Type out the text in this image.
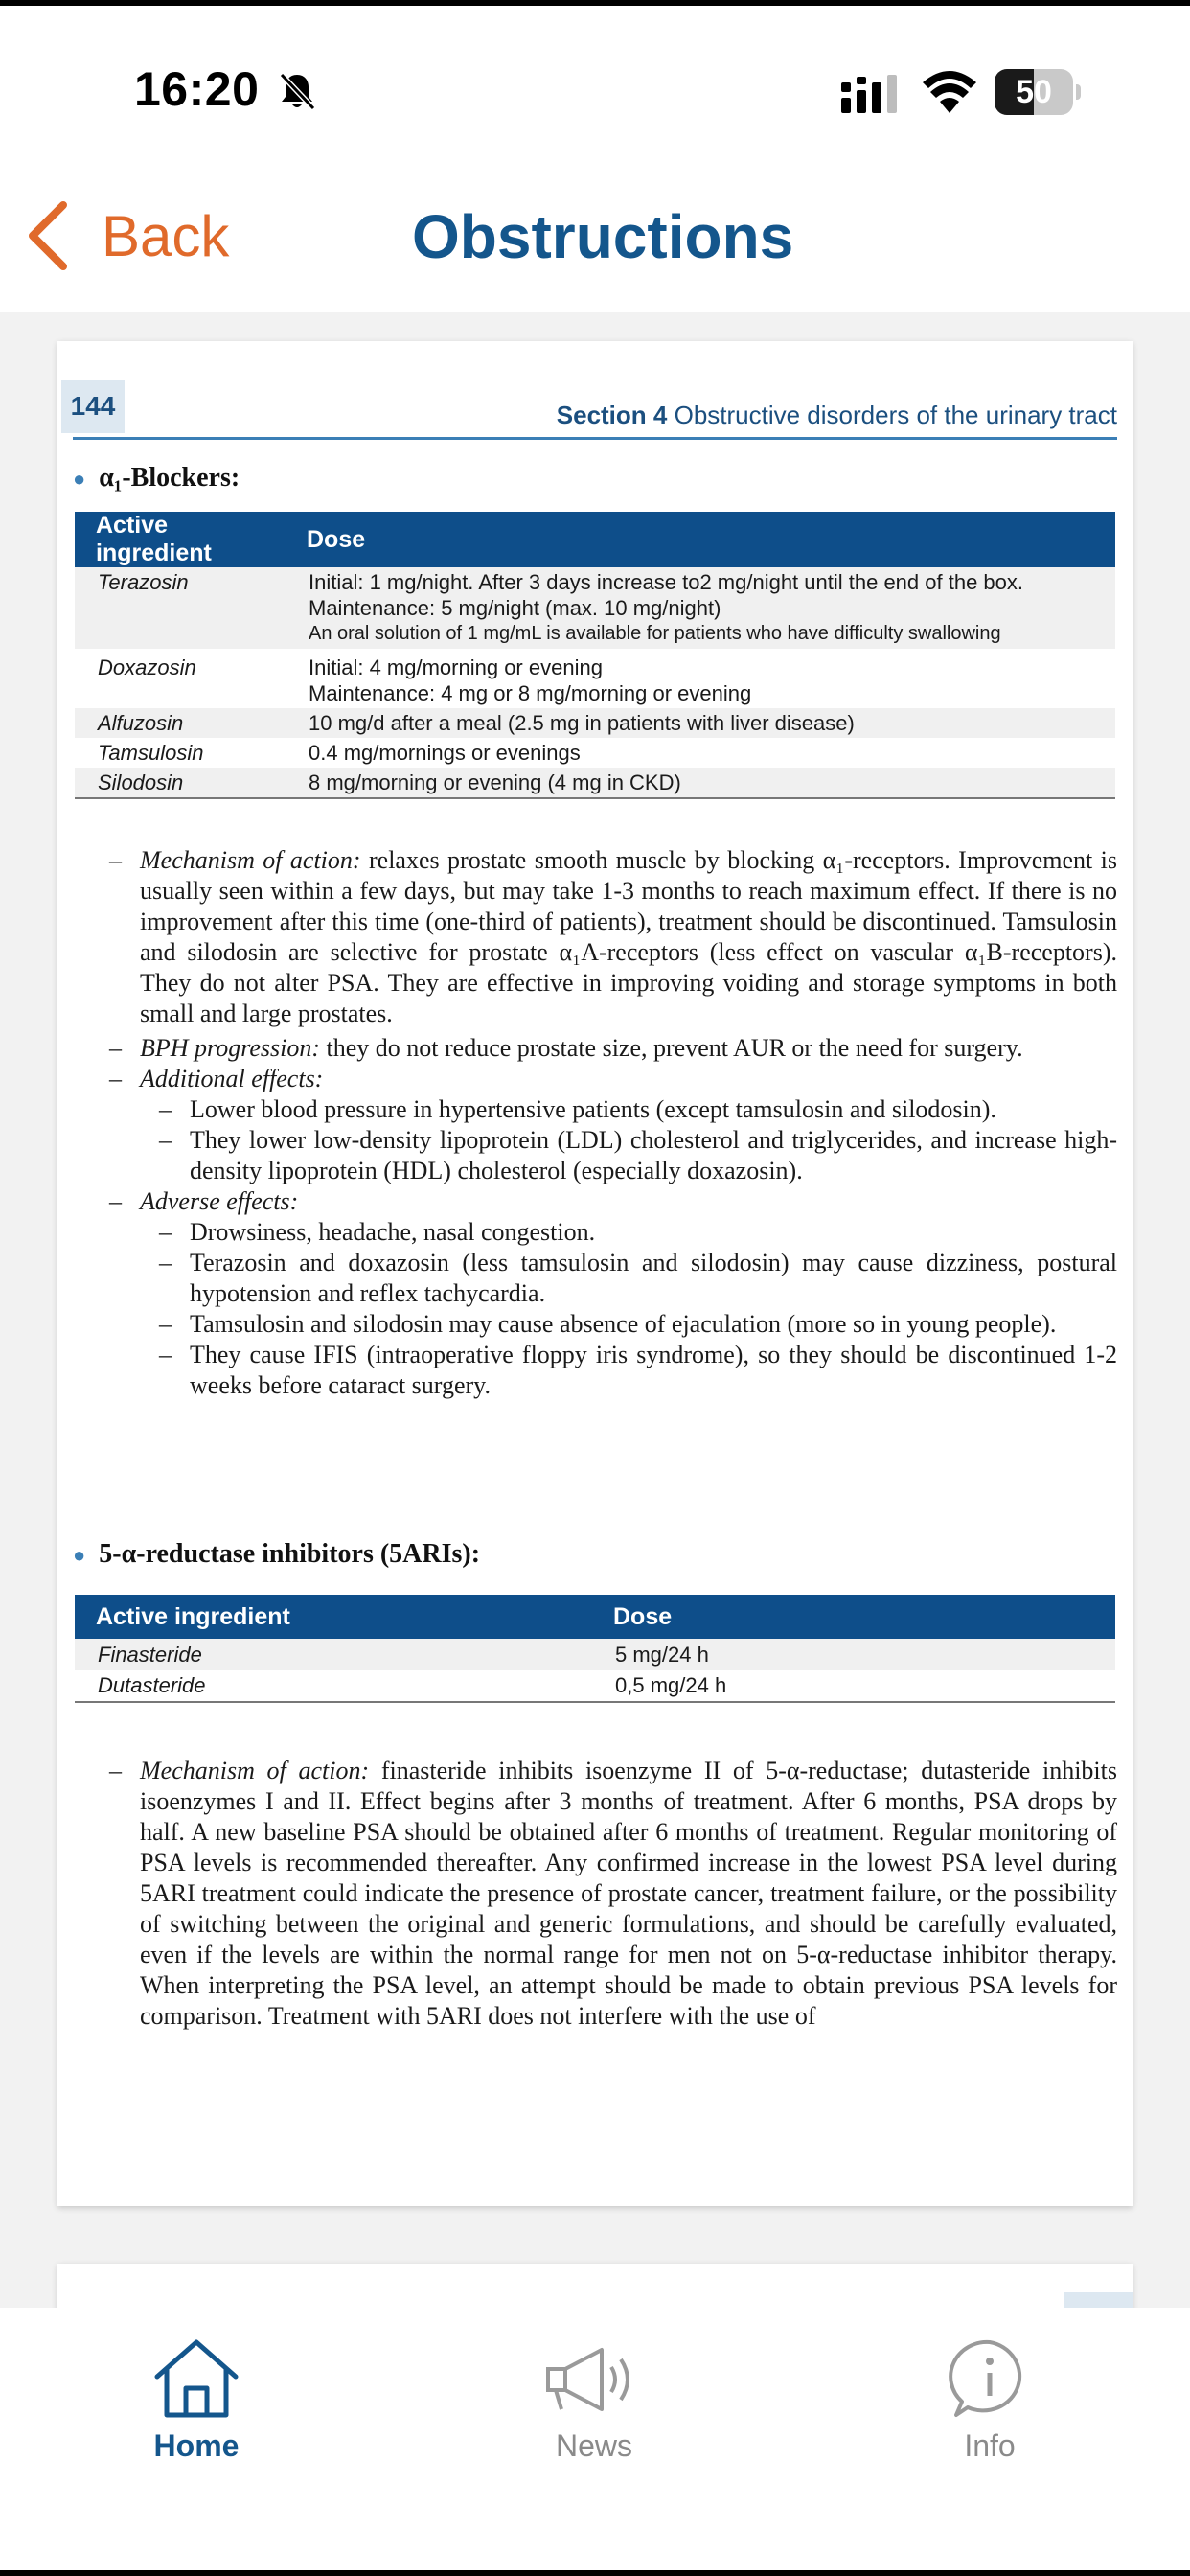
16:20	50
Back	Obstructions
144	Section 4 Obstructive disorders of the urinary tract
● α₁-Blockers:
Active ingredient	Dose
Terazosin	Initial: 1 mg/night. After 3 days increase to2 mg/night until the end of the box.
Maintenance: 5 mg/night (max. 10 mg/night)
An oral solution of 1 mg/mL is available for patients who have difficulty swallowing

Doxazosin	Initial: 4 mg/morning or evening
Maintenance: 4 mg or 8 mg/morning or evening

Alfuzosin	10 mg/d after a meal (2.5 mg in patients with liver disease)
Tamsulosin	0.4 mg/mornings or evenings
Silodosin	8 mg/morning or evening (4 mg in CKD)
– Mechanism of action: relaxes prostate smooth muscle by blocking α₁-receptors. Improvement is usually seen within a few days, but may take 1-3 months to reach maximum effect. If there is no improvement after this time (one-third of patients), treatment should be discontinued. Tamsulosin and silodosin are selective for prostate α₁A-receptors (less effect on vascular α₁B-receptors). They do not alter PSA. They are effective in improving voiding and storage symptoms in both small and large prostates.
– BPH progression: they do not reduce prostate size, prevent AUR or the need for surgery.
– Additional effects:
– Lower blood pressure in hypertensive patients (except tamsulosin and silodosin).
– They lower low-density lipoprotein (LDL) cholesterol and triglycerides, and increase high-density lipoprotein (HDL) cholesterol (especially doxazosin).
– Adverse effects:
– Drowsiness, headache, nasal congestion.
– Terazosin and doxazosin (less tamsulosin and silodosin) may cause dizziness, postural hypotension and reflex tachycardia.
– Tamsulosin and silodosin may cause absence of ejaculation (more so in young people).
– They cause IFIS (intraoperative floppy iris syndrome), so they should be discontinued 1-2 weeks before cataract surgery.
● 5-α-reductase inhibitors (5ARIs):
Active ingredient	Dose
Finasteride	5 mg/24 h
Dutasteride	0,5 mg/24 h
– Mechanism of action: finasteride inhibits isoenzyme II of 5-α-reductase; dutasteride inhibits isoenzymes I and II. Effect begins after 3 months of treatment. After 6 months, PSA drops by half. A new baseline PSA should be obtained after 6 months of treatment. Regular monitoring of PSA levels is recommended thereafter. Any confirmed increase in the lowest PSA level during 5ARI treatment could indicate the presence of prostate cancer, treatment failure, or the possibility of switching between the original and generic formulations, and should be carefully evaluated, even if the levels are within the normal range for men not on 5-α-reductase inhibitor therapy. When interpreting the PSA level, an attempt should be made to obtain previous PSA levels for comparison. Treatment with 5ARI does not interfere with the use of
Home	News	Info
